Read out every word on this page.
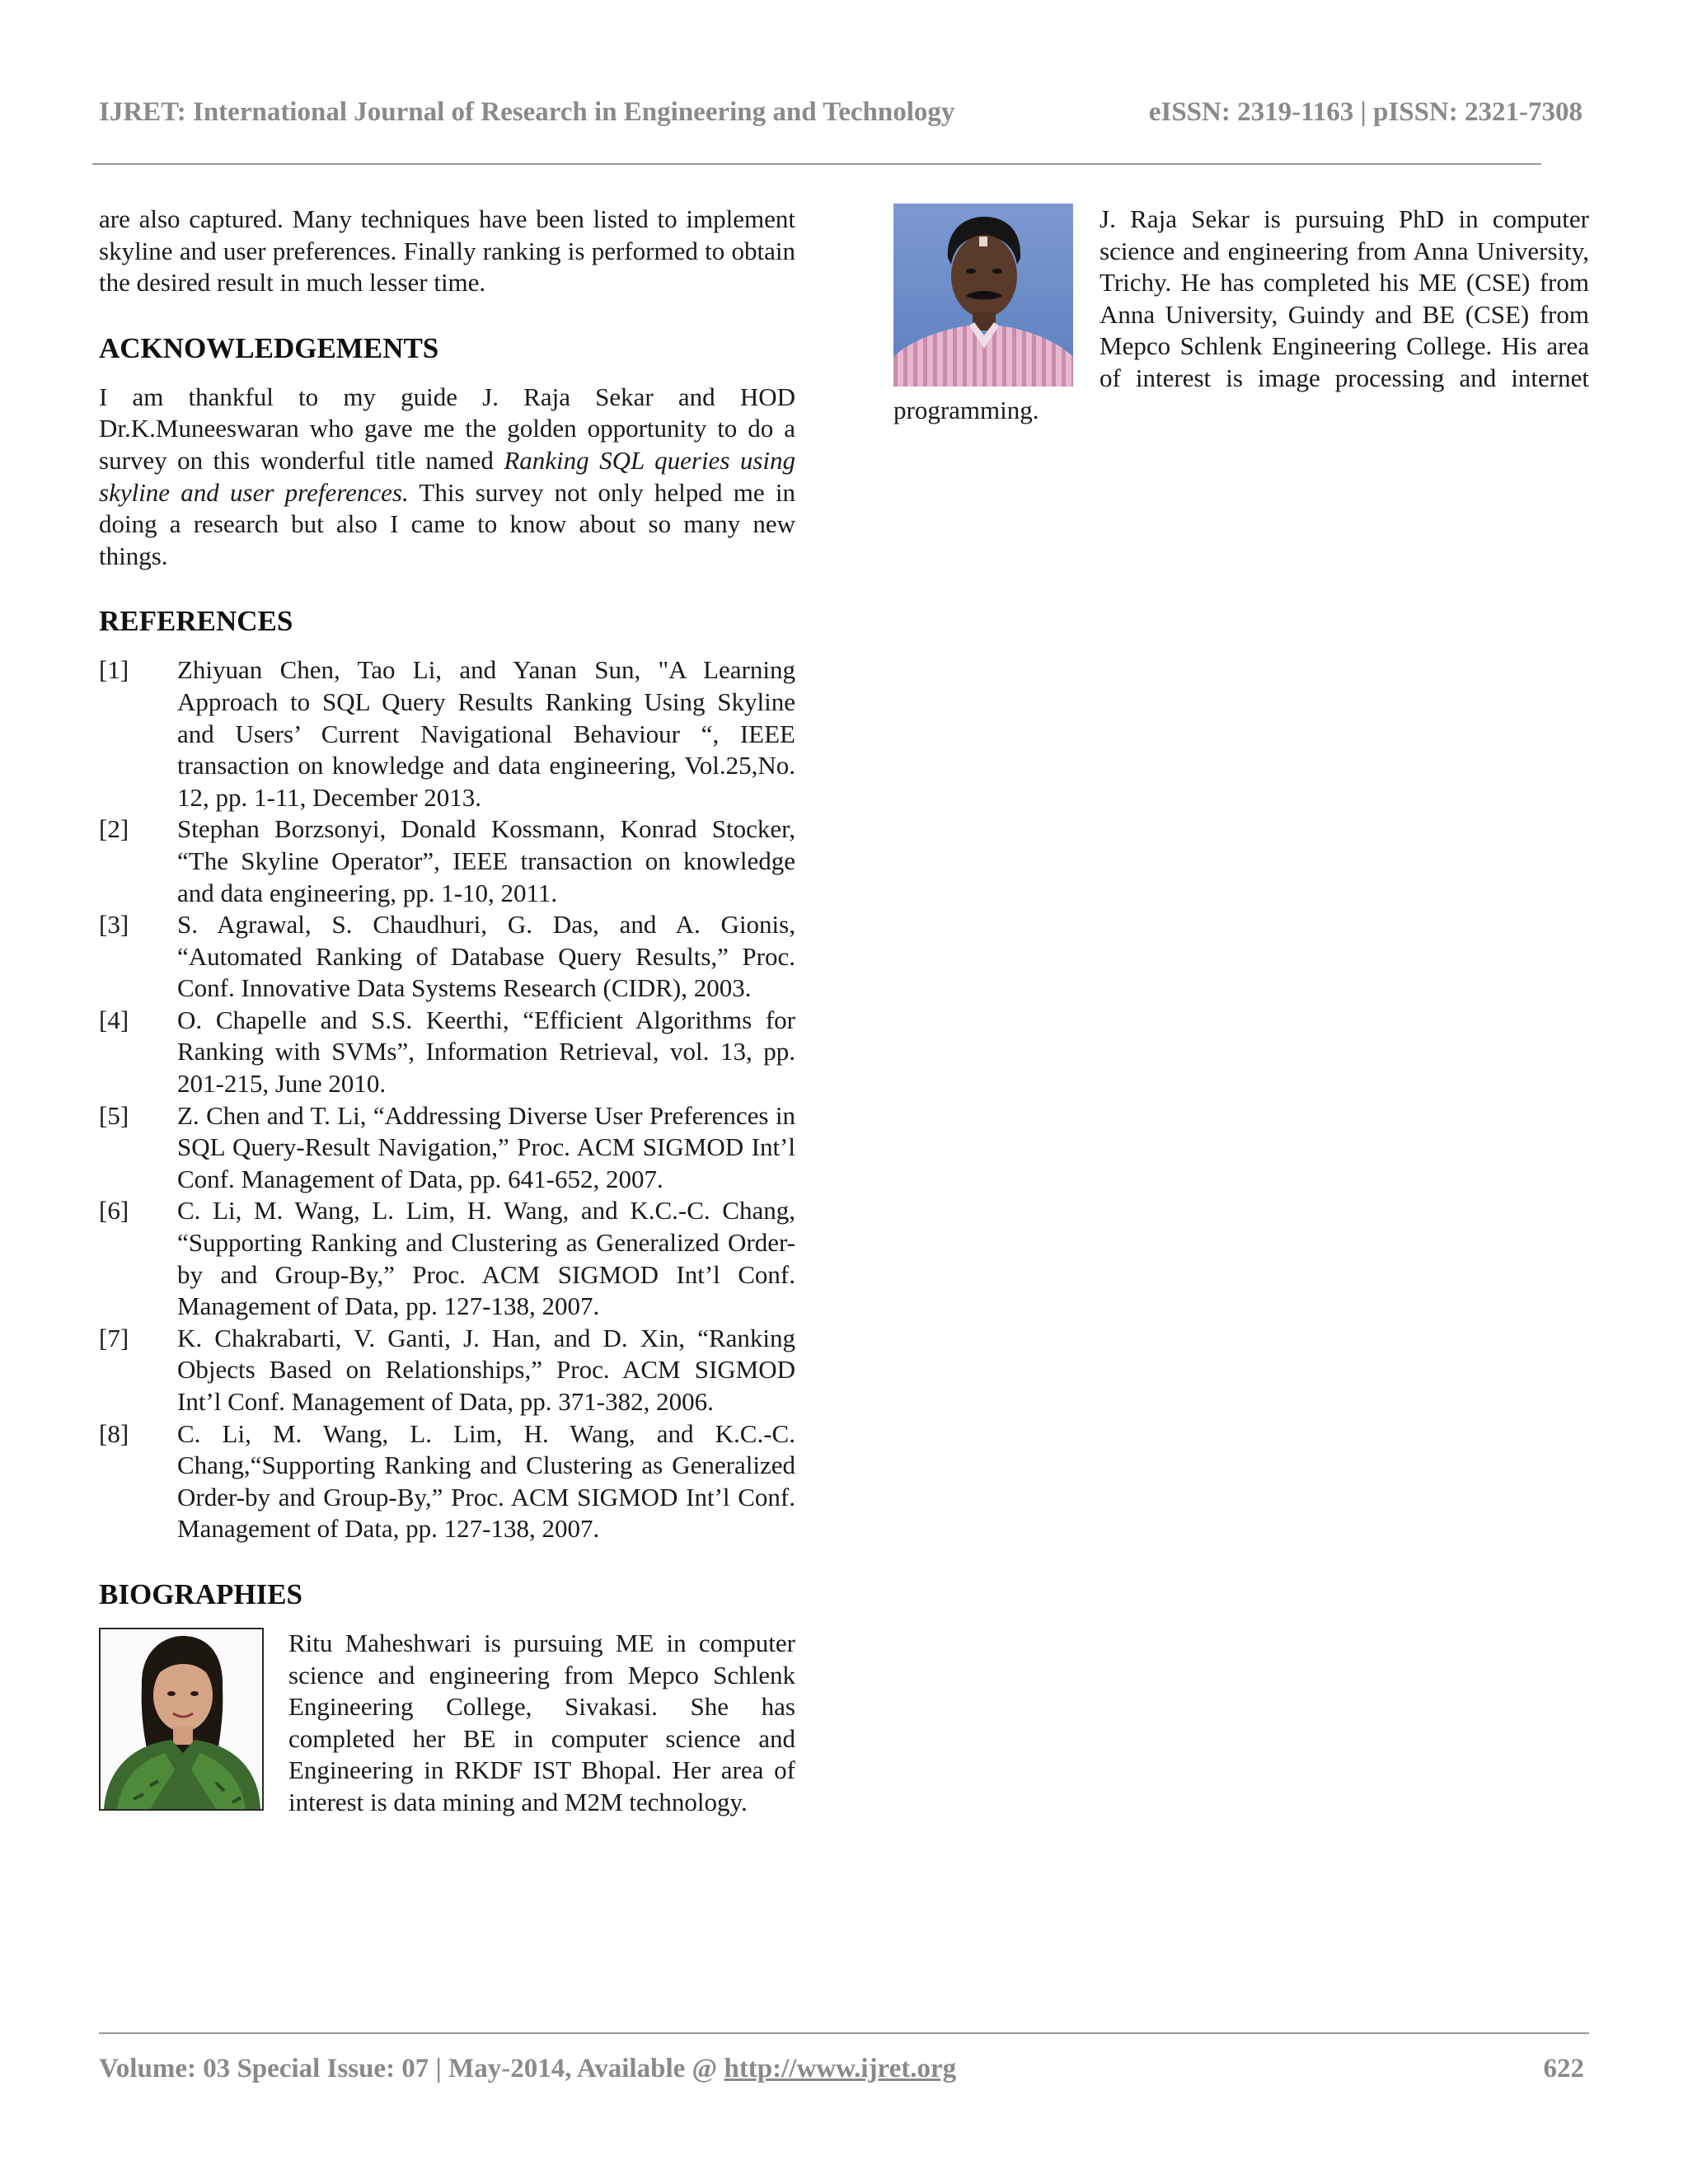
IJRET: International Journal of Research in Engineering and Technology	eISSN: 2319-1163 | pISSN: 2321-7308

are also captured. Many techniques have been listed to implement skyline and user preferences. Finally ranking is performed to obtain the desired result in much lesser time.

ACKNOWLEDGEMENTS

I am thankful to my guide J. Raja Sekar and HOD Dr.K.Muneeswaran who gave me the golden opportunity to do a survey on this wonderful title named Ranking SQL queries using skyline and user preferences. This survey not only helped me in doing a research but also I came to know about so many new things.

REFERENCES
[1] Zhiyuan Chen, Tao Li, and Yanan Sun, "A Learning Approach to SQL Query Results Ranking Using Skyline and Users’ Current Navigational Behaviour “, IEEE transaction on knowledge and data engineering, Vol.25,No. 12, pp. 1-11, December 2013.
[2] Stephan Borzsonyi, Donald Kossmann, Konrad Stocker, “The Skyline Operator”, IEEE transaction on knowledge and data engineering, pp. 1-10, 2011.
[3] S. Agrawal, S. Chaudhuri, G. Das, and A. Gionis, “Automated Ranking of Database Query Results,” Proc. Conf. Innovative Data Systems Research (CIDR), 2003.
[4] O. Chapelle and S.S. Keerthi, “Efficient Algorithms for Ranking with SVMs”, Information Retrieval, vol. 13, pp. 201-215, June 2010.
[5] Z. Chen and T. Li, “Addressing Diverse User Preferences in SQL Query-Result Navigation,” Proc. ACM SIGMOD Int’l Conf. Management of Data, pp. 641-652, 2007.
[6] C. Li, M. Wang, L. Lim, H. Wang, and K.C.-C. Chang, “Supporting Ranking and Clustering as Generalized Order-by and Group-By,” Proc. ACM SIGMOD Int’l Conf. Management of Data, pp. 127-138, 2007.
[7] K. Chakrabarti, V. Ganti, J. Han, and D. Xin, “Ranking Objects Based on Relationships,” Proc. ACM SIGMOD Int’l Conf. Management of Data, pp. 371-382, 2006.
[8] C. Li, M. Wang, L. Lim, H. Wang, and K.C.-C. Chang,“Supporting Ranking and Clustering as Generalized Order-by and Group-By,” Proc. ACM SIGMOD Int’l Conf. Management of Data, pp. 127-138, 2007.
BIOGRAPHIES
Ritu Maheshwari is pursuing ME in computer science and engineering from Mepco Schlenk Engineering College, Sivakasi. She has completed her BE in computer science and Engineering in RKDF IST Bhopal. Her area of interest is data mining and M2M technology.
J. Raja Sekar is pursuing PhD in computer science and engineering from Anna University, Trichy. He has completed his ME (CSE) from Anna University, Guindy and BE (CSE) from Mepco Schlenk Engineering College. His area of interest is image processing and internet programming.
Volume: 03 Special Issue: 07 | May-2014, Available @ http://www.ijret.org	622
